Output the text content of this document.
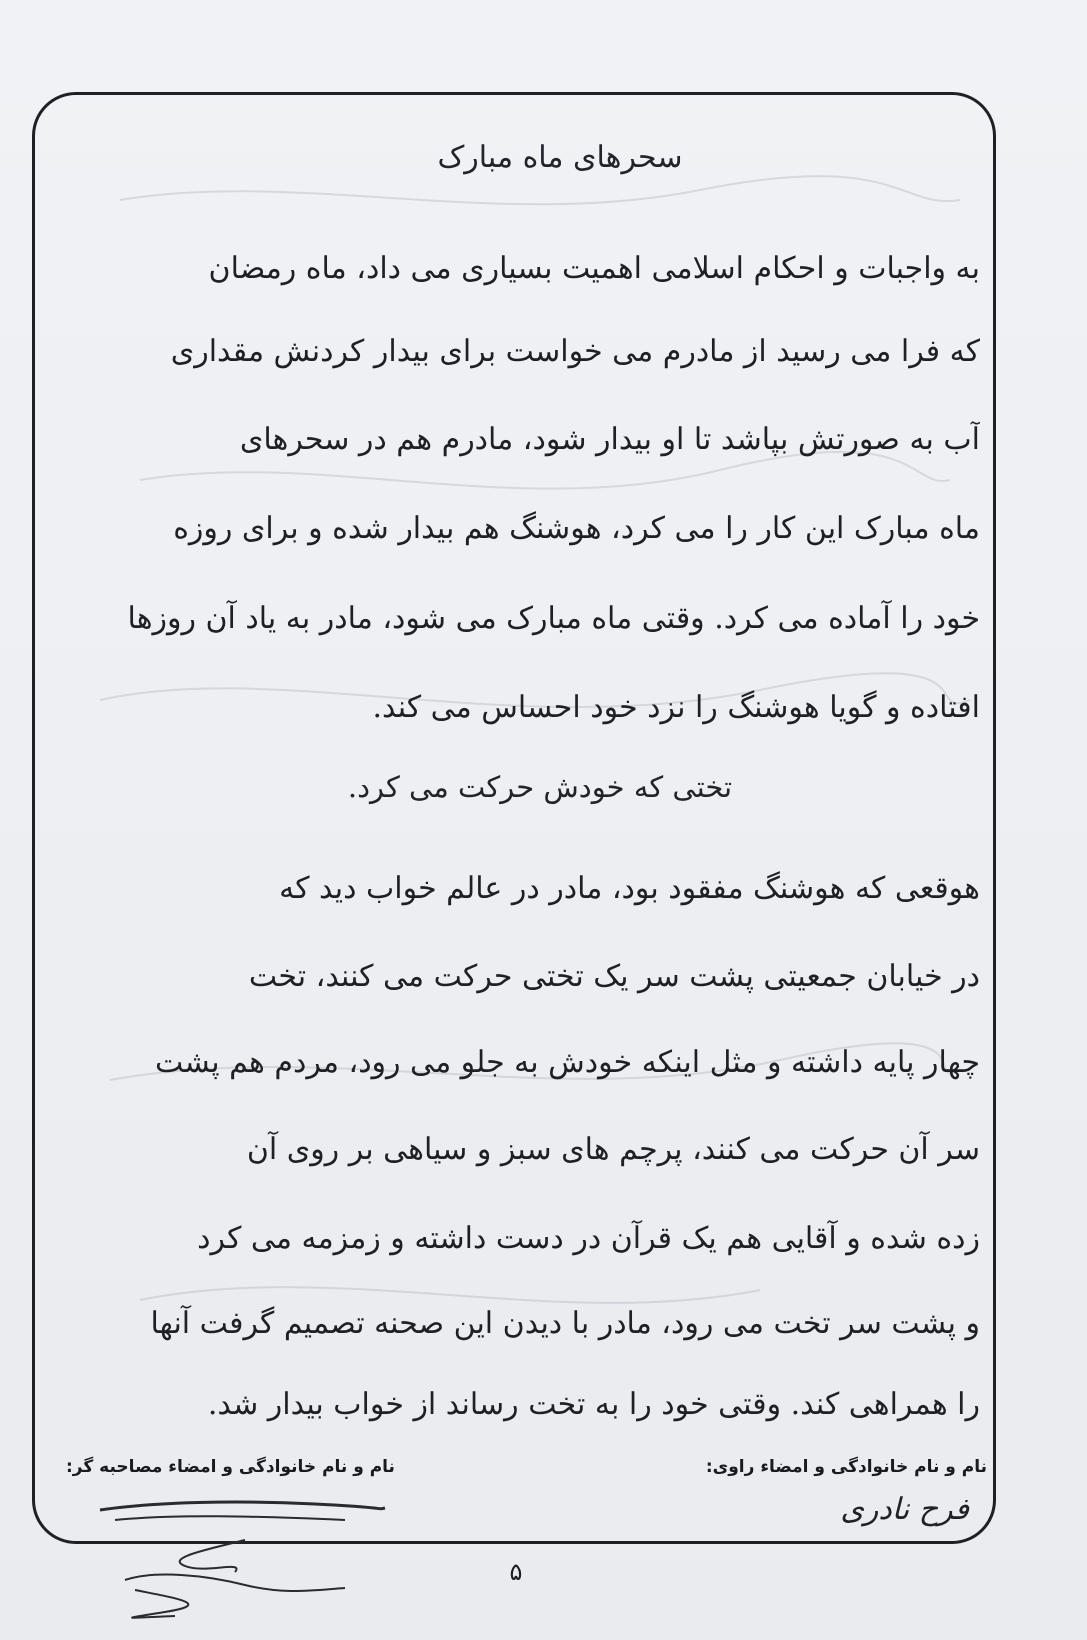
سحرهای ماه مبارک
به واجبات و احکام اسلامی اهمیت بسیاری می داد، ماه رمضان
که فرا می رسید از مادرم می خواست برای بیدار کردنش مقداری
آب به صورتش بپاشد تا او بیدار شود، مادرم هم در سحرهای
ماه مبارک این کار را می کرد، هوشنگ هم بیدار شده و برای روزه
خود را آماده می کرد. وقتی ماه مبارک می شود، مادر به یاد آن روزها
افتاده و گویا هوشنگ را نزد خود احساس می کند.
تختی که خودش حرکت می کرد.
هوقعی که هوشنگ مفقود بود، مادر در عالم خواب دید که
در خیابان جمعیتی پشت سر یک تختی حرکت می کنند، تخت
چهار پایه داشته و مثل اینکه خودش به جلو می رود، مردم هم پشت
سر آن حرکت می کنند، پرچم های سبز و سیاهی بر روی آن
زده شده و آقایی هم یک قرآن در دست داشته و زمزمه می کرد
و پشت سر تخت می رود، مادر با دیدن این صحنه تصمیم گرفت آنها
را همراهی کند. وقتی خود را به تخت رساند از خواب بیدار شد.
نام و نام خانوادگی و امضاء راوی:
نام و نام خانوادگی و امضاء مصاحبه گر:
فرح نادری
۵
